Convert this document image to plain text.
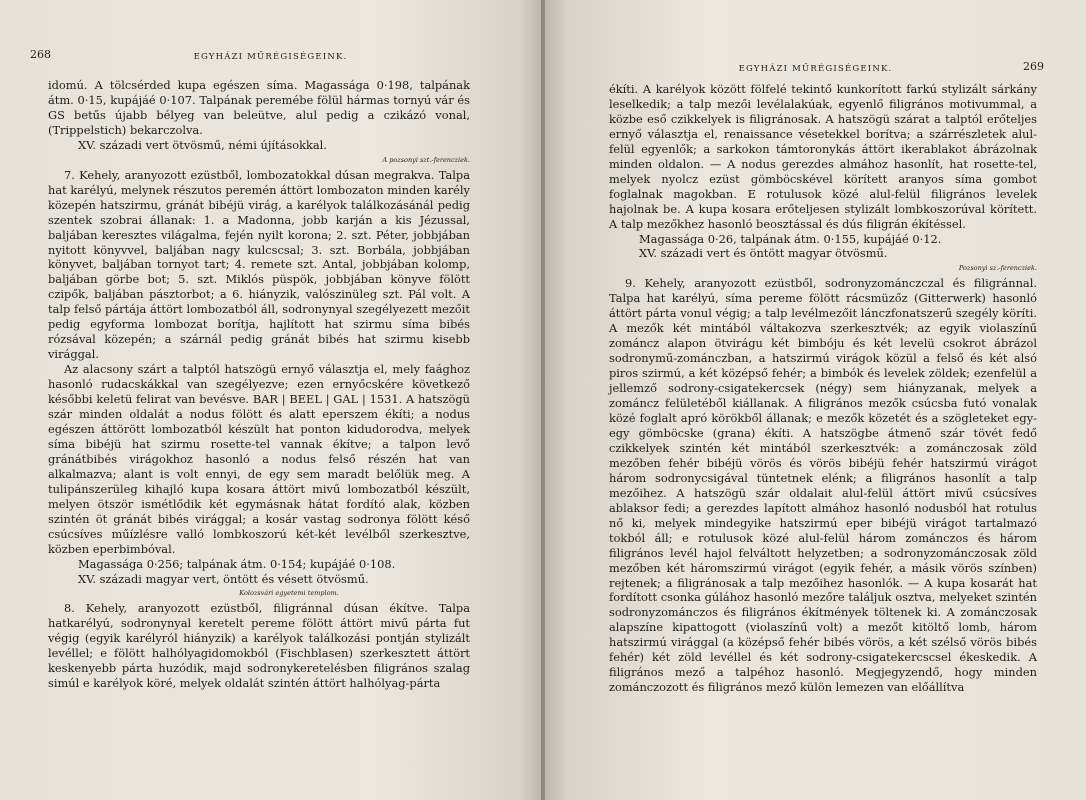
268	EGYHÁZI MŰRÉGISÉGEINK.

idomú. A tölcsérded kupa egészen síma. Magassága 0·198, talpának átm. 0·15, kupájáé 0·107. Talpának peremébe fölül hármas tornyú vár és GS betűs újabb bélyeg van beleütve, alul pedig a czikázó vonal, (Trippelstich) bekarczolva.

XV. századi vert ötvösmű, némi újításokkal.

A pozsonyi szt.-ferencziek.

7. Kehely, aranyozott ezüstből, lombozatokkal dúsan megrakva. Talpa hat karélyú, melynek részutos peremén áttört lombozaton minden karély közepén hatszirmu, gránát bibéjü virág, a karélyok találkozásánál pedig szentek szobrai állanak: 1. a Madonna, jobb karján a kis Jézussal, baljában keresztes világalma, fején nyilt korona; 2. szt. Péter, jobbjában nyitott könyvvel, baljában nagy kulcscsal; 3. szt. Borbála, jobbjában könyvet, baljában tornyot tart; 4. remete szt. Antal, jobbjában kolomp, baljában görbe bot; 5. szt. Miklós püspök, jobbjában könyve fölött czipők, baljában pásztorbot; a 6. hiányzik, valószinüleg szt. Pál volt. A talp felső pártája áttört lombozatból áll, sodronynyal szegélyezett mezőit pedig egyforma lombozat borítja, hajlított hat szirmu síma bibés rózsával közepén; a szárnál pedig gránát bibés hat szirmu kisebb virággal.

Az alacsony szárt a talptól hatszögü ernyő választja el, mely faághoz hasonló rudacskákkal van szegélyezve; ezen ernyőcskére következő későbbi keletü felirat van bevésve. BAR | BEEL | GAL | 1531. A hatszögü szár minden oldalát a nodus fölött és alatt eperszem ékíti; a nodus egészen áttörött lombozatból készült hat ponton kidudorodva, melyek síma bibéjü hat szirmu rosette-tel vannak ékítve; a talpon levő gránátbibés virágokhoz hasonló a nodus felső részén hat van alkalmazva; alant is volt ennyi, de egy sem maradt belőlük meg. A tulipánszerüleg kihajló kupa kosara áttört mivű lombozatból készült, melyen ötször ismétlődik két egymásnak hátat fordító alak, közben szintén öt gránát bibés virággal; a kosár vastag sodronya fölött késő csúcsíves műízlésre valló lombkoszorú két-két levélből szerkesztve, közben eperbimbóval.

Magassága 0·256; talpának átm. 0·154; kupájáé 0·108.

XV. századi magyar vert, öntött és vésett ötvösmű.

Kolozsvári egyetemi templom.

8. Kehely, aranyozott ezüstből, filigránnal dúsan ékítve. Talpa hatkarélyú, sodronynyal keretelt pereme fölött áttört mivű párta fut végig (egyik karélyról hiányzik) a karélyok találkozási pontján stylizált levéllel; e fölött halhólyagidomokból (Fischblasen) szerkesztett áttört keskenyebb párta huzódik, majd sodronykeretelésben filigrános szalag simúl e karélyok köré, melyek oldalát szintén áttört halhólyag-párta

269
EGYHÁZI MŰRÉGISÉGEINK.

ékíti. A karélyok között fölfelé tekintő kunkorított farkú stylizált sárkány leselkedik; a talp mezői levélalakúak, egyenlő filigrános motivummal, a közbe eső czikkelyek is filigránosak. A hatszögü szárat a talptól erőteljes ernyő választja el, renaissance vésetekkel borítva; a szárrészletek alul-felül egyenlők; a sarkokon támtoronykás áttört ikerablakot ábrázolnak minden oldalon. — A nodus gerezdes almához hasonlít, hat rosette-tel, melyek nyolcz ezüst gömböcskével körített aranyos síma gombot foglalnak magokban. E rotulusok közé alul-felül filigrános levelek hajolnak be. A kupa kosara erőteljesen stylizált lombkoszorúval körített. A talp mezőkhez hasonló beosztással és dús filigrán ékítéssel.

Magassága 0·26, talpának átm. 0·155, kupájáé 0·12.

XV. századi vert és öntött magyar ötvösmű.

Pozsonyi sz.-ferencziek.

9. Kehely, aranyozott ezüstből, sodronyzománczczal és filigránnal. Talpa hat karélyú, síma pereme fölött rácsmüzőz (Gitterwerk) hasonló áttört párta vonul végig; a talp levélmezőit lánczfonatszerű szegély köríti. A mezők két mintából váltakozva szerkesztvék; az egyik violaszínű zománcz alapon ötvirágu két bimbóju és két levelü csokrot ábrázol sodronymű-zománczban, a hatszirmú virágok közül a felső és két alsó piros szirmú, a két középső fehér; a bimbók és levelek zöldek; ezenfelül a jellemző sodrony-csigatekercsek (négy) sem hiányzanak, melyek a zománcz felületéből kiállanak. A filigrános mezők csúcsba futó vonalak közé foglalt apró körökből állanak; e mezők közetét és a szögleteket egy-egy gömböcske (grana) ékíti. A hatszögbe átmenő szár tövét fedő czikkelyek szintén két mintából szerkesztvék: a zománczosak zöld mezőben fehér bibéjü vörös és vörös bibéjü fehér hatszirmú virágot három sodronycsigával tüntetnek elénk; a filigrános hasonlít a talp mezőihez. A hatszögü szár oldalait alul-felül áttört mivű csúcsíves ablaksor fedi; a gerezdes lapított almához hasonló nodusból hat rotulus nő ki, melyek mindegyike hatszirmú eper bibéjü virágot tartalmazó tokból áll; e rotulusok közé alul-felül három zománczos és három filigrános levél hajol felváltott helyzetben; a sodronyzománczosak zöld mezőben két háromszirmú virágot (egyik fehér, a másik vörös színben) rejtenek; a filigránosak a talp mezőihez hasonlók. — A kupa kosarát hat fordított csonka gúlához hasonló mezőre találjuk osztva, melyeket szintén sodronyzománczos és filigrános ékítmények töltenek ki. A zománczosak alapszíne kipattogott (violaszínű volt) a mezőt kitöltő lomb, három hatszirmú virággal (a középső fehér bibés vörös, a két szélső vörös bibés fehér) két zöld levéllel és két sodrony-csigatekercscsel ékeskedik. A filigrános mező a talpéhoz hasonló. Megjegyzendő, hogy minden zománczozott és filigrános mező külön lemezen van előállítva
